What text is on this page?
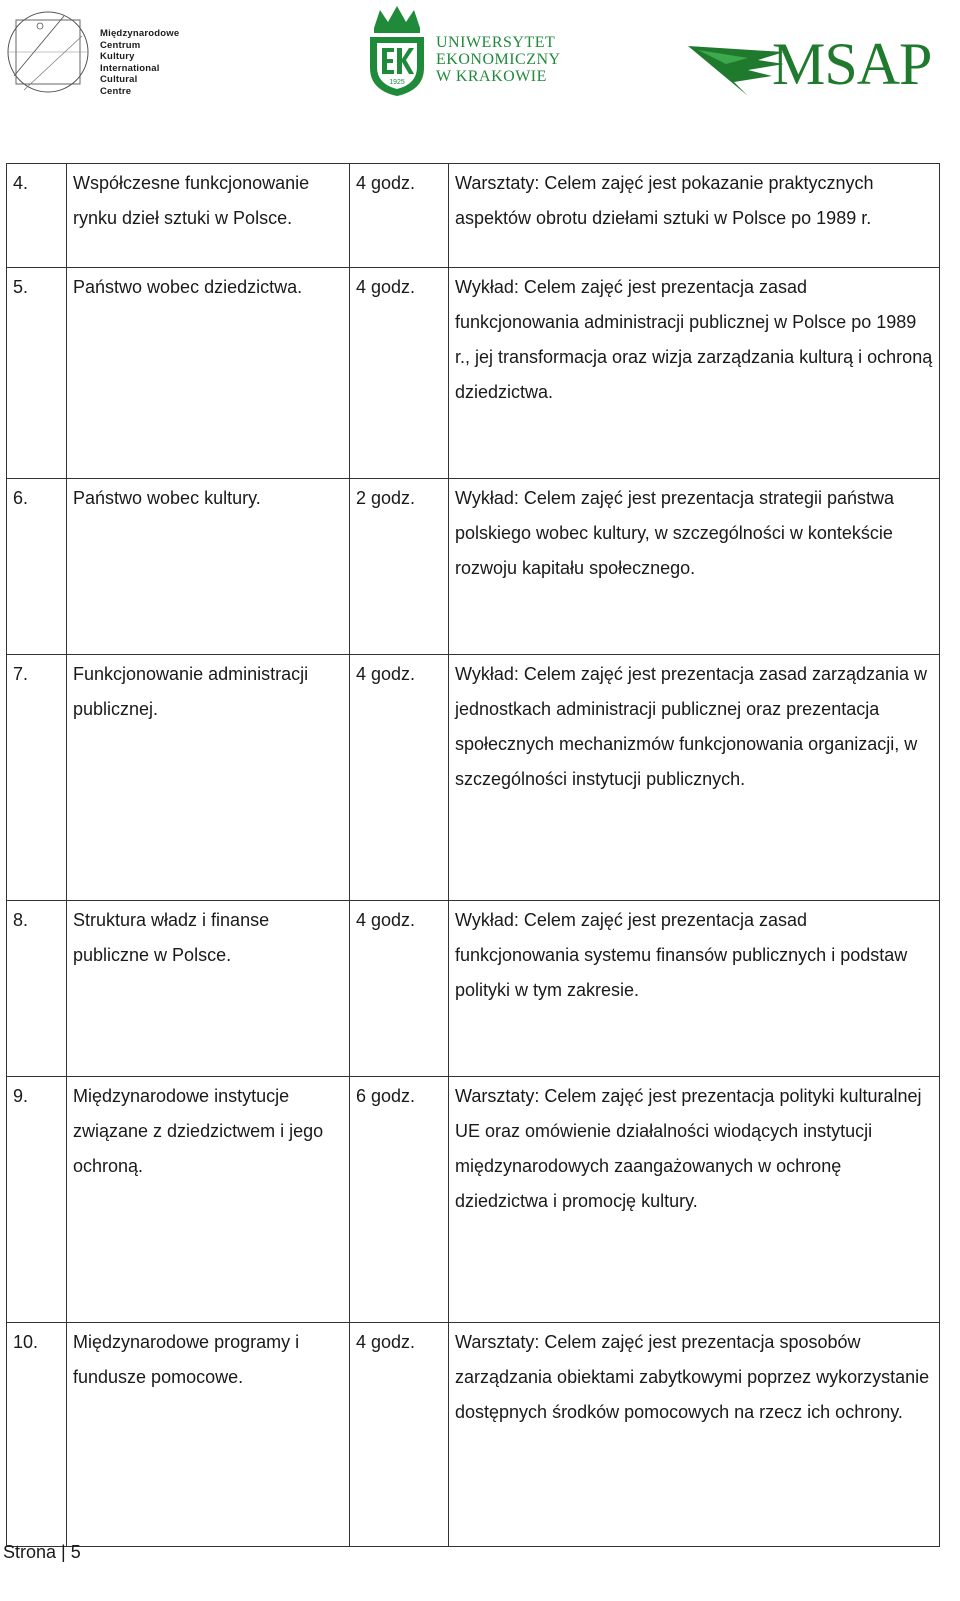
Międzynarodowe
Centrum
Kultury
International
Cultural
Centre
1925
UNIWERSYTET
EKONOMICZNY
W KRAKOWIE	MSAP
4.	Współczesne funkcjonowanie rynku dzieł sztuki w Polsce.	4 godz.	Warsztaty: Celem zajęć jest pokazanie praktycznych aspektów obrotu dziełami sztuki w Polsce po 1989 r.
5.	Państwo wobec dziedzictwa.	4 godz.	Wykład: Celem zajęć jest prezentacja zasad funkcjonowania administracji publicznej w Polsce po 1989 r., jej transformacja oraz wizja zarządzania kulturą i ochroną dziedzictwa.
6.	Państwo wobec kultury.	2 godz.	Wykład: Celem zajęć jest prezentacja strategii państwa polskiego wobec kultury, w szczególności w kontekście rozwoju kapitału społecznego.
7.	Funkcjonowanie administracji publicznej.	4 godz.	Wykład: Celem zajęć jest prezentacja zasad zarządzania w jednostkach administracji publicznej oraz prezentacja społecznych mechanizmów funkcjonowania organizacji, w szczególności instytucji publicznych.
8.	Struktura władz i finanse publiczne w Polsce.	4 godz.	Wykład: Celem zajęć jest prezentacja zasad funkcjonowania systemu finansów publicznych i podstaw polityki w tym zakresie.
9.	Międzynarodowe instytucje związane z dziedzictwem i jego ochroną.	6 godz.	Warsztaty: Celem zajęć jest prezentacja polityki kulturalnej UE oraz omówienie działalności wiodących instytucji międzynarodowych zaangażowanych w ochronę dziedzictwa i promocję kultury.
10.	Międzynarodowe programy i fundusze pomocowe.	4 godz.	Warsztaty: Celem zajęć jest prezentacja sposobów zarządzania obiektami zabytkowymi poprzez wykorzystanie dostępnych środków pomocowych na rzecz ich ochrony.
Strona | 5
